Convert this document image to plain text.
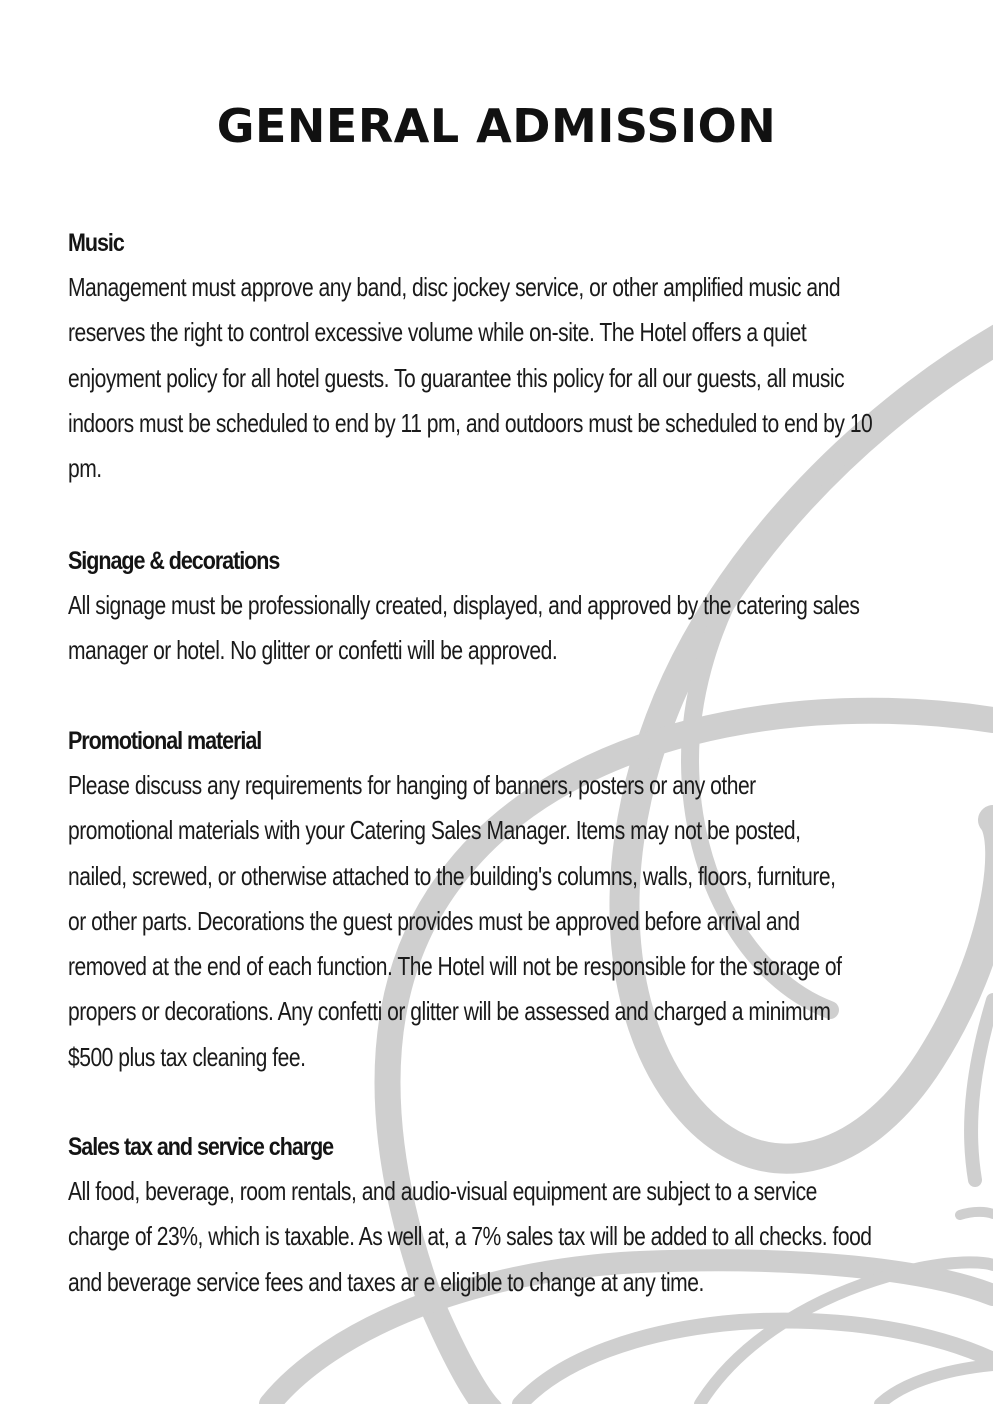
GENERAL ADMISSION
Music
Management must approve any band, disc jockey service, or other amplified music and
reserves the right to control excessive volume while on-site. The Hotel offers a quiet
enjoyment policy for all hotel guests. To guarantee this policy for all our guests, all music
indoors must be scheduled to end by 11 pm, and outdoors must be scheduled to end by 10
pm.
Signage & decorations
All signage must be professionally created, displayed, and approved by the catering sales
manager or hotel. No glitter or confetti will be approved.
Promotional material
Please discuss any requirements for hanging of banners, posters or any other
promotional materials with your Catering Sales Manager. Items may not be posted,
nailed, screwed, or otherwise attached to the building's columns, walls, floors, furniture,
or other parts. Decorations the guest provides must be approved before arrival and
removed at the end of each function. The Hotel will not be responsible for the storage of
propers or decorations. Any confetti or glitter will be assessed and charged a minimum
$500 plus tax cleaning fee.
Sales tax and service charge
All food, beverage, room rentals, and audio-visual equipment are subject to a service
charge of 23%, which is taxable. As well at, a 7% sales tax will be added to all checks. food
and beverage service fees and taxes ar e eligible to change at any time.
